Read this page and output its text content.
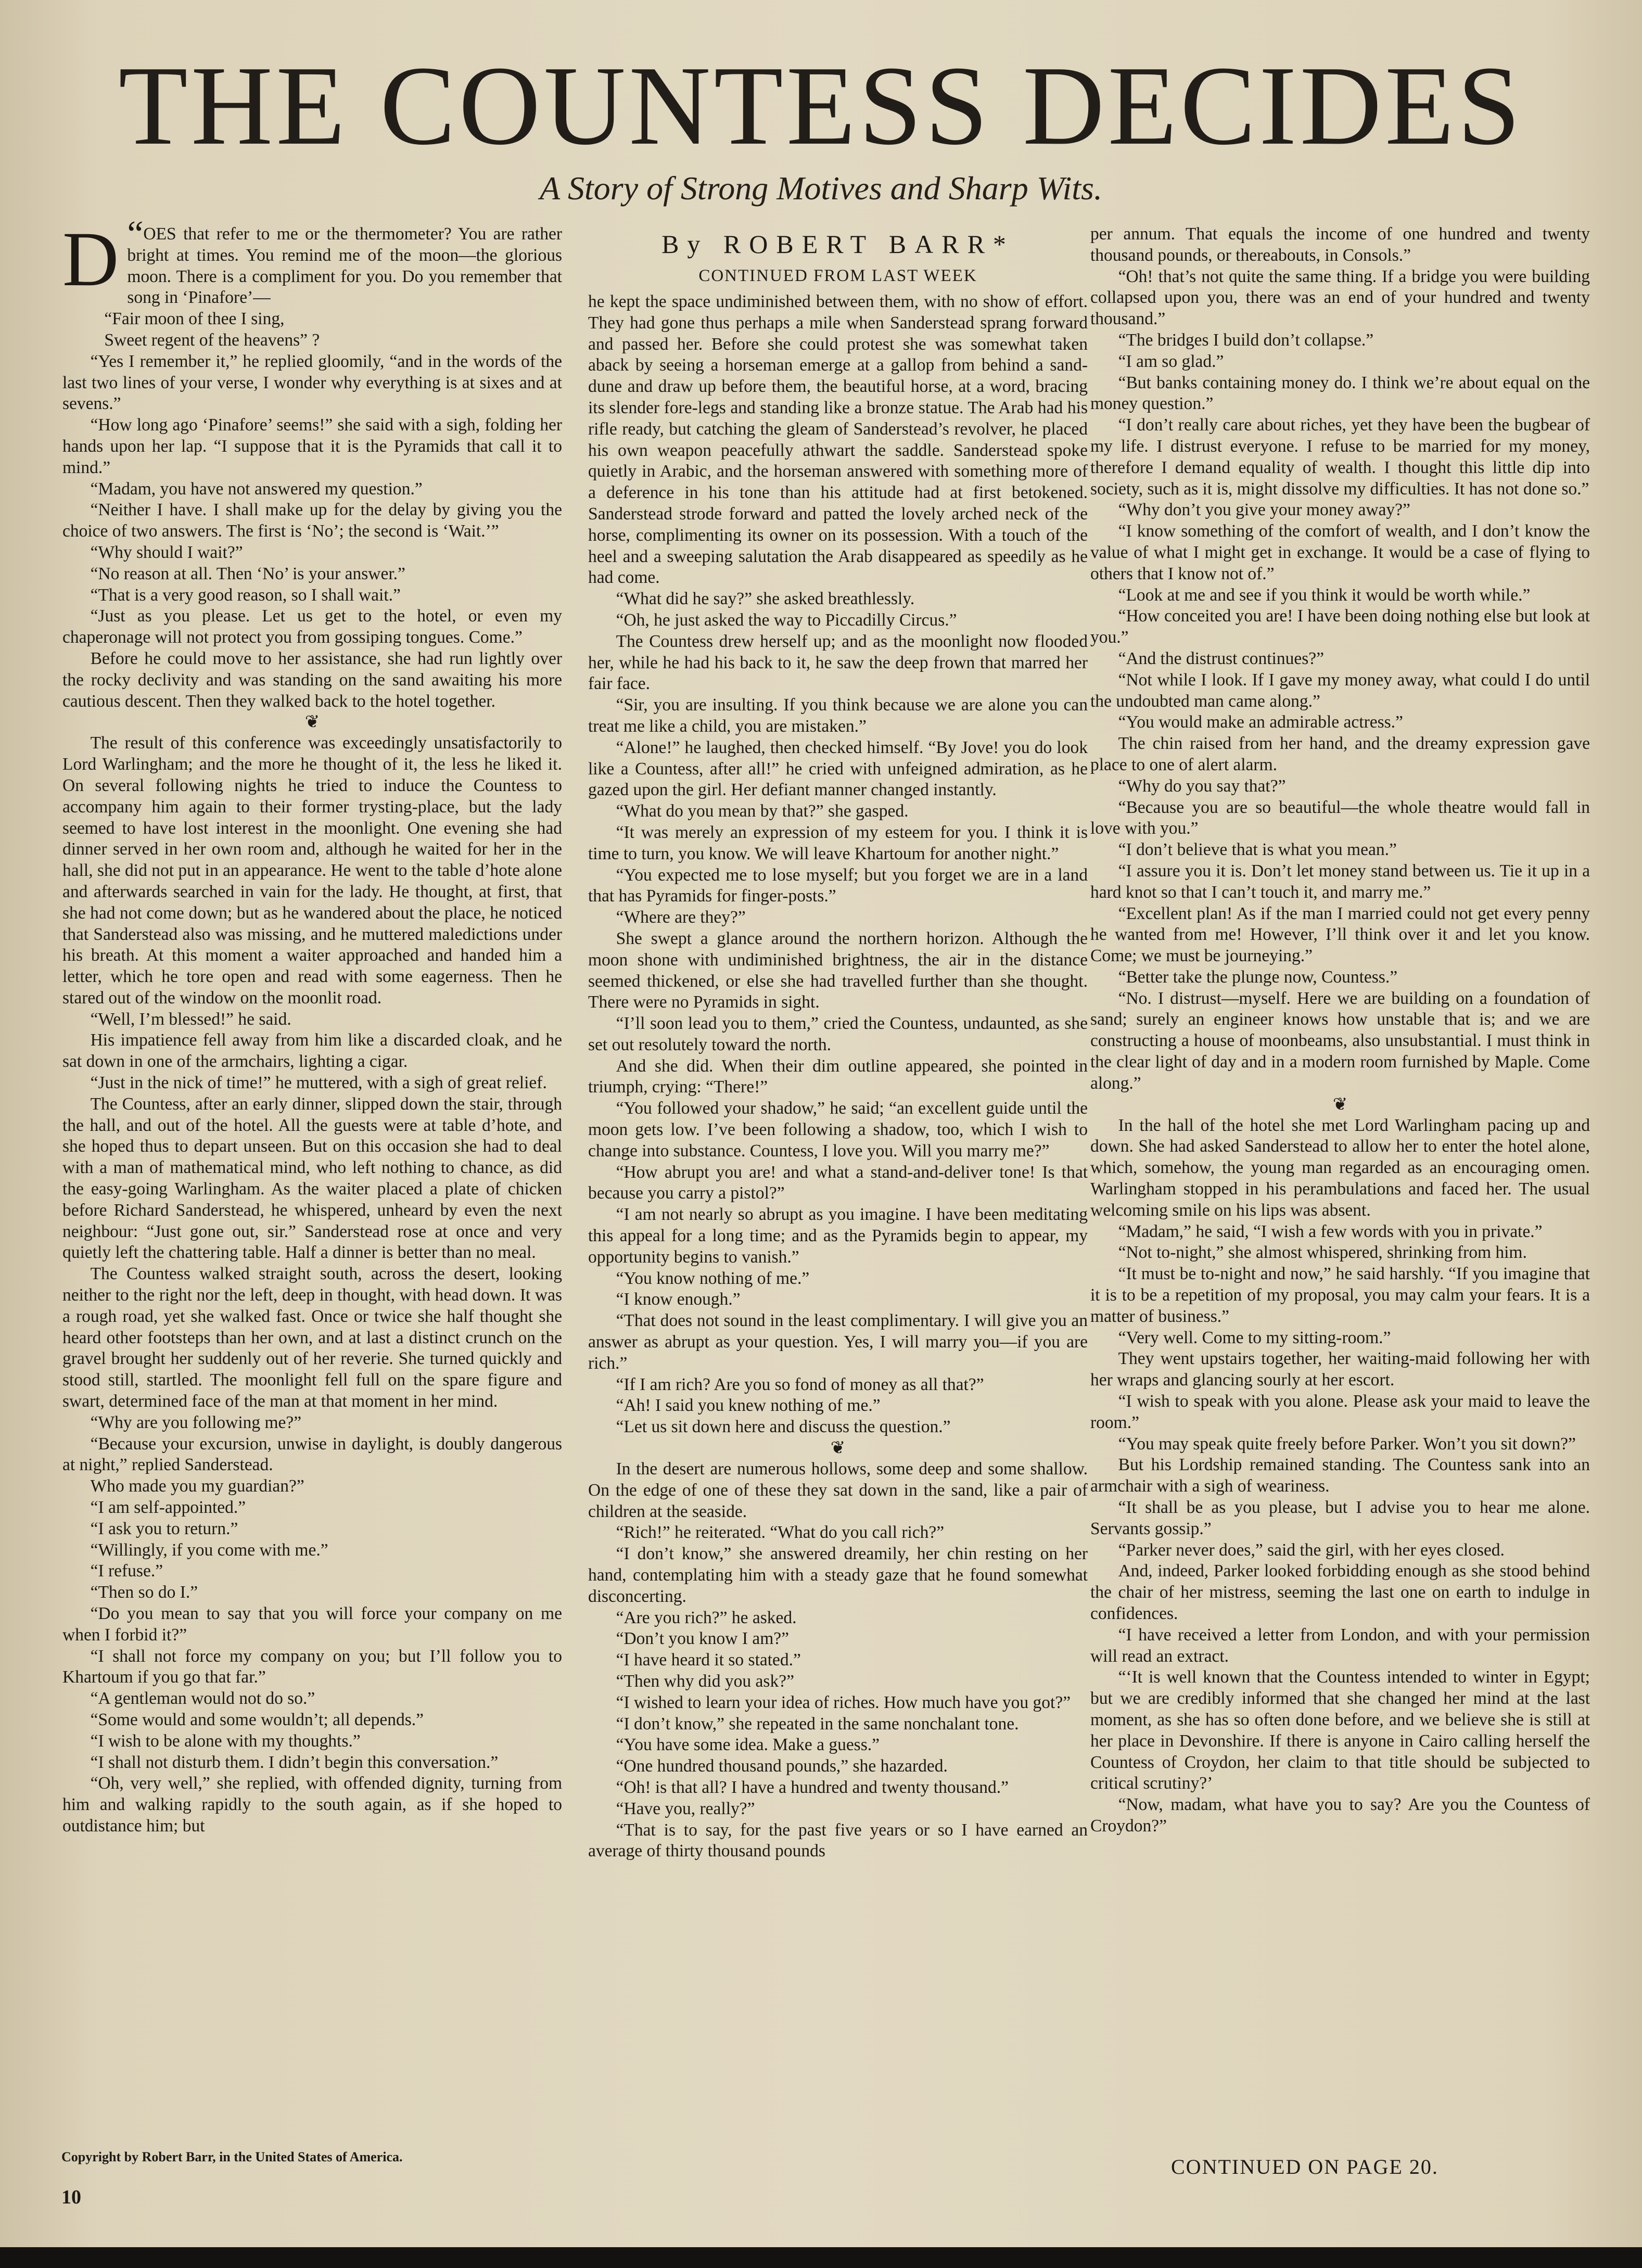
THE COUNTESS DECIDES
A Story of Strong Motives and Sharp Wits.
By ROBERT BARR*
CONTINUED FROM LAST WEEK

“
D OES that refer to me or the thermometer? You are rather bright at times. You remind me of the moon—the glorious moon. There is a compliment for you. Do you remember that song in ‘Pinafore’—

“Fair moon of thee I sing,

Sweet regent of the heavens” ?

“Yes I remember it,” he replied gloomily, “and in the words of the last two lines of your verse, I wonder why everything is at sixes and at sevens.”

“How long ago ‘Pinafore’ seems!” she said with a sigh, folding her hands upon her lap. “I suppose that it is the Pyramids that call it to mind.”

“Madam, you have not answered my question.”

“Neither I have. I shall make up for the delay by giving you the choice of two answers. The first is ‘No’; the second is ‘Wait.’”

“Why should I wait?”

“No reason at all. Then ‘No’ is your answer.”

“That is a very good reason, so I shall wait.”

“Just as you please. Let us get to the hotel, or even my chaperonage will not protect you from gossiping tongues. Come.”

Before he could move to her assistance, she had run lightly over the rocky declivity and was standing on the sand awaiting his more cautious descent. Then they walked back to the hotel together.

❦

The result of this conference was exceedingly unsatisfactorily to Lord Warlingham; and the more he thought of it, the less he liked it. On several following nights he tried to induce the Countess to accompany him again to their former trysting-place, but the lady seemed to have lost interest in the moonlight. One evening she had dinner served in her own room and, although he waited for her in the hall, she did not put in an appearance. He went to the table d’hote alone and afterwards searched in vain for the lady. He thought, at first, that she had not come down; but as he wandered about the place, he noticed that Sanderstead also was missing, and he muttered maledictions under his breath. At this moment a waiter approached and handed him a letter, which he tore open and read with some eagerness. Then he stared out of the window on the moonlit road.

“Well, I’m blessed!” he said.

His impatience fell away from him like a discarded cloak, and he sat down in one of the armchairs, lighting a cigar.

“Just in the nick of time!” he muttered, with a sigh of great relief.

The Countess, after an early dinner, slipped down the stair, through the hall, and out of the hotel. All the guests were at table d’hote, and she hoped thus to depart unseen. But on this occasion she had to deal with a man of mathematical mind, who left nothing to chance, as did the easy-going Warlingham. As the waiter placed a plate of chicken before Richard Sanderstead, he whispered, unheard by even the next neighbour: “Just gone out, sir.” Sanderstead rose at once and very quietly left the chattering table. Half a dinner is better than no meal.

The Countess walked straight south, across the desert, looking neither to the right nor the left, deep in thought, with head down. It was a rough road, yet she walked fast. Once or twice she half thought she heard other footsteps than her own, and at last a distinct crunch on the gravel brought her suddenly out of her reverie. She turned quickly and stood still, startled. The moonlight fell full on the spare figure and swart, determined face of the man at that moment in her mind.

“Why are you following me?”

“Because your excursion, unwise in daylight, is doubly dangerous at night,” replied Sanderstead.

Who made you my guardian?”

“I am self-appointed.”

“I ask you to return.”

“Willingly, if you come with me.”

“I refuse.”

“Then so do I.”

“Do you mean to say that you will force your company on me when I forbid it?”

“I shall not force my company on you; but I’ll follow you to Khartoum if you go that far.”

“A gentleman would not do so.”

“Some would and some wouldn’t; all depends.”

“I wish to be alone with my thoughts.”

“I shall not disturb them. I didn’t begin this conversation.”

“Oh, very well,” she replied, with offended dignity, turning from him and walking rapidly to the south again, as if she hoped to outdistance him; but

he kept the space undiminished between them, with no show of effort. They had gone thus perhaps a mile when Sanderstead sprang forward and passed her. Before she could protest she was somewhat taken aback by seeing a horseman emerge at a gallop from behind a sand-dune and draw up before them, the beautiful horse, at a word, bracing its slender fore-legs and standing like a bronze statue. The Arab had his rifle ready, but catching the gleam of Sanderstead’s revolver, he placed his own weapon peacefully athwart the saddle. Sanderstead spoke quietly in Arabic, and the horseman answered with something more of a deference in his tone than his attitude had at first betokened. Sanderstead strode forward and patted the lovely arched neck of the horse, complimenting its owner on its possession. With a touch of the heel and a sweeping salutation the Arab disappeared as speedily as he had come.

“What did he say?” she asked breathlessly.

“Oh, he just asked the way to Piccadilly Circus.”

The Countess drew herself up; and as the moonlight now flooded her, while he had his back to it, he saw the deep frown that marred her fair face.

“Sir, you are insulting. If you think because we are alone you can treat me like a child, you are mistaken.”

“Alone!” he laughed, then checked himself. “By Jove! you do look like a Countess, after all!” he cried with unfeigned admiration, as he gazed upon the girl. Her defiant manner changed instantly.

“What do you mean by that?” she gasped.

“It was merely an expression of my esteem for you. I think it is time to turn, you know. We will leave Khartoum for another night.”

“You expected me to lose myself; but you forget we are in a land that has Pyramids for finger-posts.”

“Where are they?”

She swept a glance around the northern horizon. Although the moon shone with undiminished brightness, the air in the distance seemed thickened, or else she had travelled further than she thought. There were no Pyramids in sight.

“I’ll soon lead you to them,” cried the Countess, undaunted, as she set out resolutely toward the north.

And she did. When their dim outline appeared, she pointed in triumph, crying: “There!”

“You followed your shadow,” he said; “an excellent guide until the moon gets low. I’ve been following a shadow, too, which I wish to change into substance. Countess, I love you. Will you marry me?”

“How abrupt you are! and what a stand-and-deliver tone! Is that because you carry a pistol?”

“I am not nearly so abrupt as you imagine. I have been meditating this appeal for a long time; and as the Pyramids begin to appear, my opportunity begins to vanish.”

“You know nothing of me.”

“I know enough.”

“That does not sound in the least complimentary. I will give you an answer as abrupt as your question. Yes, I will marry you—if you are rich.”

“If I am rich? Are you so fond of money as all that?”

“Ah! I said you knew nothing of me.”

“Let us sit down here and discuss the question.”

❦

In the desert are numerous hollows, some deep and some shallow. On the edge of one of these they sat down in the sand, like a pair of children at the seaside.

“Rich!” he reiterated. “What do you call rich?”

“I don’t know,” she answered dreamily, her chin resting on her hand, contemplating him with a steady gaze that he found somewhat disconcerting.

“Are you rich?” he asked.

“Don’t you know I am?”

“I have heard it so stated.”

“Then why did you ask?”

“I wished to learn your idea of riches. How much have you got?”

“I don’t know,” she repeated in the same nonchalant tone.

“You have some idea. Make a guess.”

“One hundred thousand pounds,” she hazarded.

“Oh! is that all? I have a hundred and twenty thousand.”

“Have you, really?”

“That is to say, for the past five years or so I have earned an average of thirty thousand pounds

per annum. That equals the income of one hundred and twenty thousand pounds, or thereabouts, in Consols.”

“Oh! that’s not quite the same thing. If a bridge you were building collapsed upon you, there was an end of your hundred and twenty thousand.”

“The bridges I build don’t collapse.”

“I am so glad.”

“But banks containing money do. I think we’re about equal on the money question.”

“I don’t really care about riches, yet they have been the bugbear of my life. I distrust everyone. I refuse to be married for my money, therefore I demand equality of wealth. I thought this little dip into society, such as it is, might dissolve my difficulties. It has not done so.”

“Why don’t you give your money away?”

“I know something of the comfort of wealth, and I don’t know the value of what I might get in exchange. It would be a case of flying to others that I know not of.”

“Look at me and see if you think it would be worth while.”

“How conceited you are! I have been doing nothing else but look at you.”

“And the distrust continues?”

“Not while I look. If I gave my money away, what could I do until the undoubted man came along.”

“You would make an admirable actress.”

The chin raised from her hand, and the dreamy expression gave place to one of alert alarm.

“Why do you say that?”

“Because you are so beautiful—the whole theatre would fall in love with you.”

“I don’t believe that is what you mean.”

“I assure you it is. Don’t let money stand between us. Tie it up in a hard knot so that I can’t touch it, and marry me.”

“Excellent plan! As if the man I married could not get every penny he wanted from me! However, I’ll think over it and let you know. Come; we must be journeying.”

“Better take the plunge now, Countess.”

“No. I distrust—myself. Here we are building on a foundation of sand; surely an engineer knows how unstable that is; and we are constructing a house of moonbeams, also unsubstantial. I must think in the clear light of day and in a modern room furnished by Maple. Come along.”

❦

In the hall of the hotel she met Lord Warlingham pacing up and down. She had asked Sanderstead to allow her to enter the hotel alone, which, somehow, the young man regarded as an encouraging omen. Warlingham stopped in his perambulations and faced her. The usual welcoming smile on his lips was absent.

“Madam,” he said, “I wish a few words with you in private.”

“Not to-night,” she almost whispered, shrinking from him.

“It must be to-night and now,” he said harshly. “If you imagine that it is to be a repetition of my proposal, you may calm your fears. It is a matter of business.”

“Very well. Come to my sitting-room.”

They went upstairs together, her waiting-maid following her with her wraps and glancing sourly at her escort.

“I wish to speak with you alone. Please ask your maid to leave the room.”

“You may speak quite freely before Parker. Won’t you sit down?”

But his Lordship remained standing. The Countess sank into an armchair with a sigh of weariness.

“It shall be as you please, but I advise you to hear me alone. Servants gossip.”

“Parker never does,” said the girl, with her eyes closed.

And, indeed, Parker looked forbidding enough as she stood behind the chair of her mistress, seeming the last one on earth to indulge in confidences.

“I have received a letter from London, and with your permission will read an extract.

“‘It is well known that the Countess intended to winter in Egypt; but we are credibly informed that she changed her mind at the last moment, as she has so often done before, and we believe she is still at her place in Devonshire. If there is anyone in Cairo calling herself the Countess of Croydon, her claim to that title should be subjected to critical scrutiny?’

“Now, madam, what have you to say? Are you the Countess of Croydon?”

Copyright by Robert Barr, in the United States of America.
10
CONTINUED ON PAGE 20.
